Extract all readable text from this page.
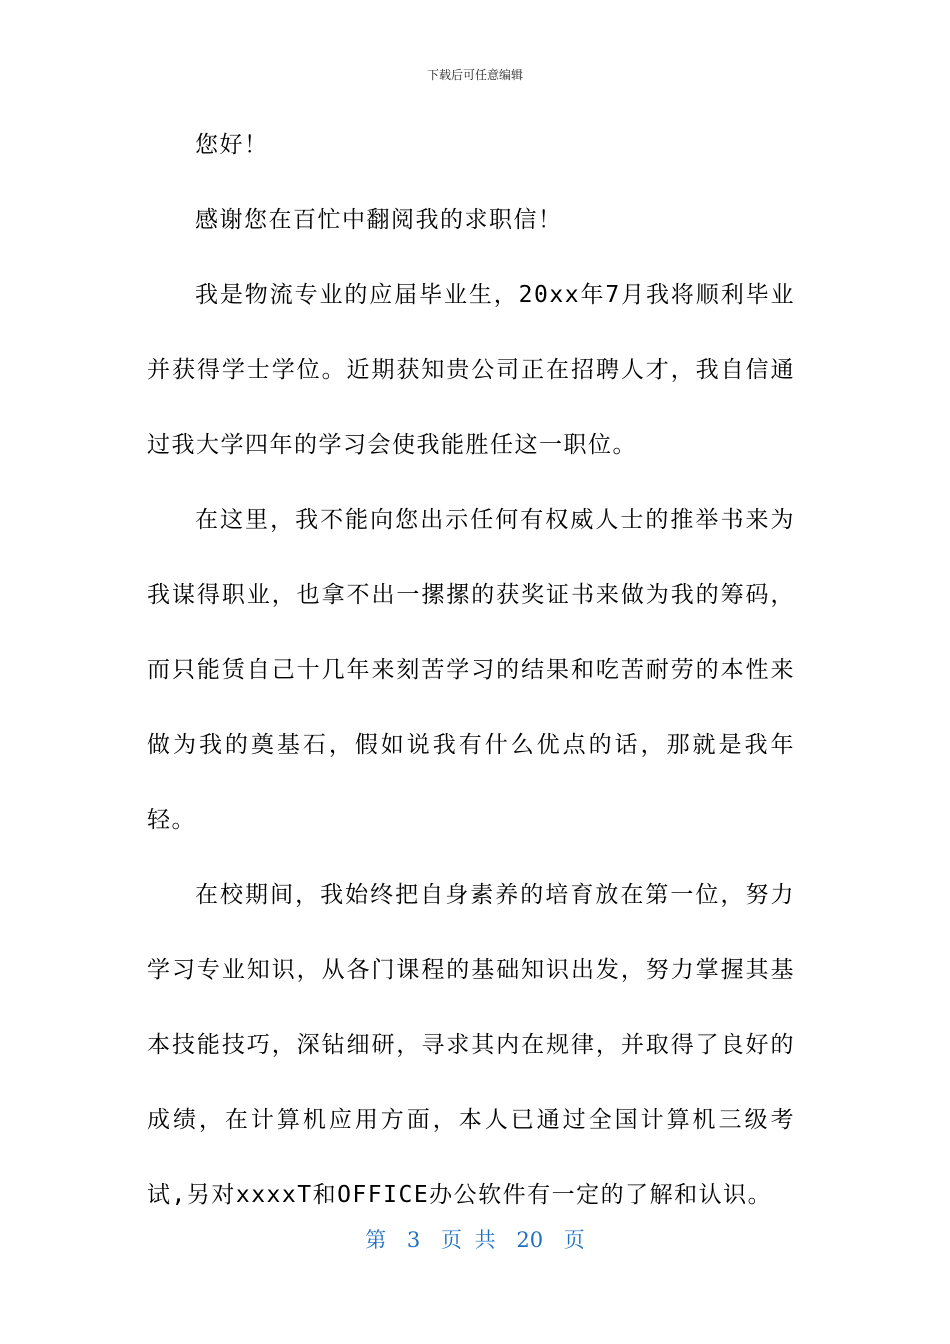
下载后可任意编辑

您好！

感谢您在百忙中翻阅我的求职信！

我是物流专业的应届毕业生，20xx年7月我将顺利毕业并获得学士学位。近期获知贵公司正在招聘人才，我自信通过我大学四年的学习会使我能胜任这一职位。

在这里，我不能向您出示任何有权威人士的推举书来为我谋得职业，也拿不出一摞摞的获奖证书来做为我的筹码，而只能赁自己十几年来刻苦学习的结果和吃苦耐劳的本性来做为我的奠基石，假如说我有什么优点的话，那就是我年轻。

在校期间，我始终把自身素养的培育放在第一位，努力学习专业知识，从各门课程的基础知识出发，努力掌握其基本技能技巧，深钻细研，寻求其内在规律，并取得了良好的成绩，在计算机应用方面，本人已通过全国计算机三级考试,另对xxxxT和OFFICE办公软件有一定的了解和认识。

第 3 页 共 20 页
